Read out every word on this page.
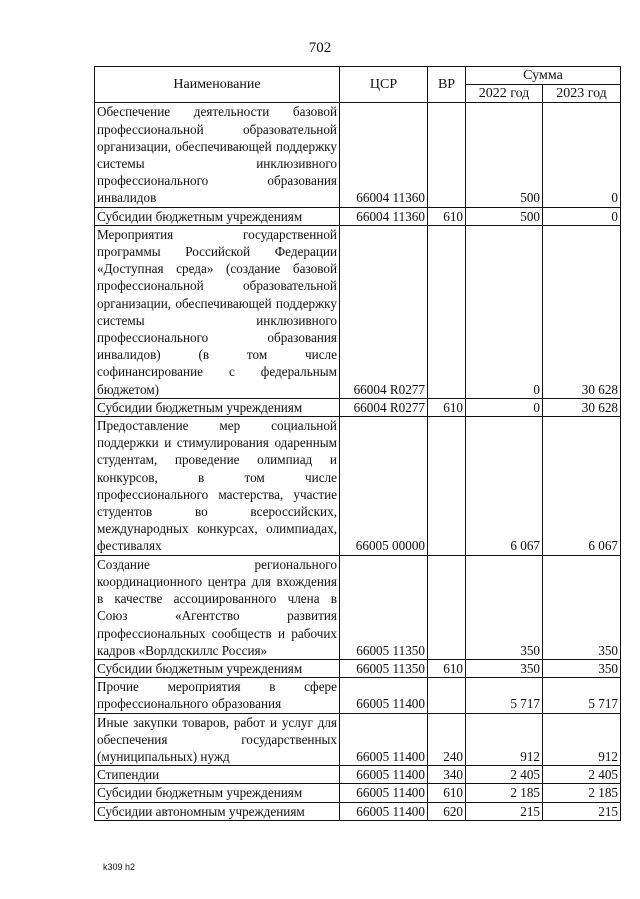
702
Наименование	ЦСР	ВР	Сумма	
			2022 год	2023 год
Обеспечение деятельности базовой профессиональной образовательной организации, обеспечивающей поддержку системы инклюзивного профессионального образования инвалидов	66004 11360		500	0
Субсидии бюджетным учреждениям	66004 11360	610	500	0
Мероприятия государственной программы Российской Федерации «Доступная среда» (создание базовой профессиональной образовательной организации, обеспечивающей поддержку системы инклюзивного профессионального образования инвалидов) (в том числе софинансирование с федеральным бюджетом)	66004 R0277		0	30 628
Субсидии бюджетным учреждениям	66004 R0277	610	0	30 628
Предоставление мер социальной поддержки и стимулирования одаренным студентам, проведение олимпиад и конкурсов, в том числе профессионального мастерства, участие студентов во всероссийских, международных конкурсах, олимпиадах, фестивалях	66005 00000		6 067	6 067
Создание регионального координационного центра для вхождения в качестве ассоциированного члена в Союз «Агентство развития профессиональных сообществ и рабочих кадров «Ворлдскиллс Россия»	66005 11350		350	350
Субсидии бюджетным учреждениям	66005 11350	610	350	350
Прочие мероприятия в сфере профессионального образования	66005 11400		5 717	5 717
Иные закупки товаров, работ и услуг для обеспечения государственных (муниципальных) нужд	66005 11400	240	912	912
Стипендии	66005 11400	340	2 405	2 405
Субсидии бюджетным учреждениям	66005 11400	610	2 185	2 185
Субсидии автономным учреждениям	66005 11400	620	215	215
k309 h2
